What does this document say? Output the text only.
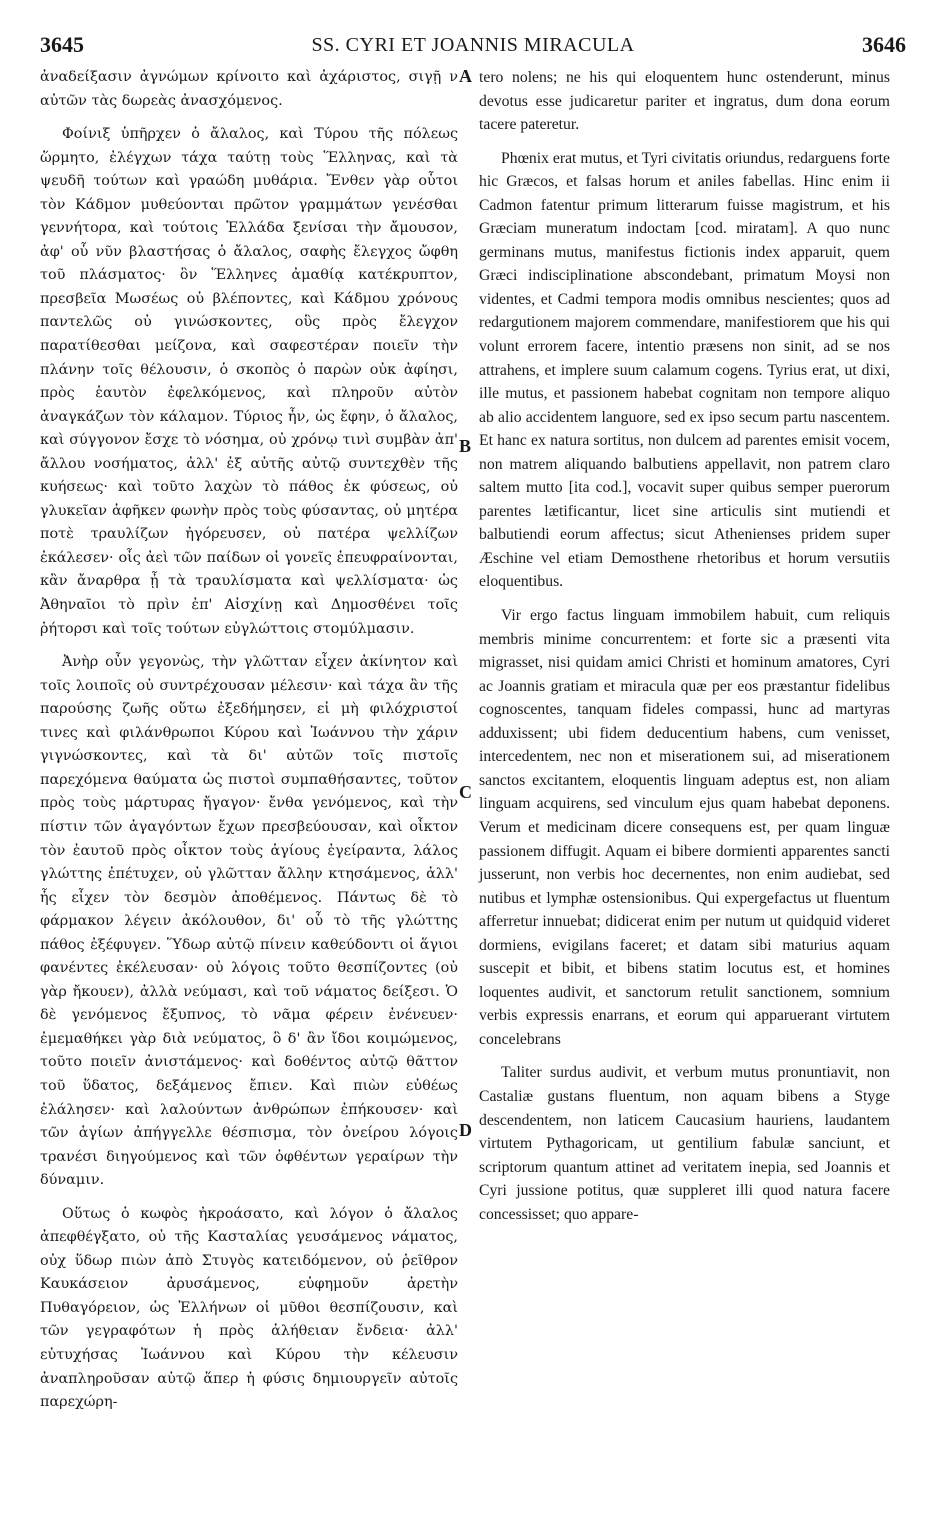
3645	SS. CYRI ET JOANNIS MIRACULA	3646

ἀναδείξασιν ἀγνώμων κρίνοιτο καὶ ἀχάριστος, σιγῇ ν αὐτῶν τὰς δωρεὰς ἀνασχόμενος.

Φοίνιξ ὑπῆρχεν ὁ ἄλαλος, καὶ Τύρου τῆς πόλεως ὥρμητο, ἐλέγχων τάχα ταύτῃ τοὺς Ἕλληνας, καὶ τὰ ψευδῆ τούτων καὶ γραώδη μυθάρια. Ἔνθεν γὰρ οὗτοι τὸν Κάδμον μυθεύονται πρῶτον γραμμάτων γενέσθαι γεννήτορα, καὶ τούτοις Ἑλλάδα ξενίσαι τὴν ἄμουσον, ἀφ' οὗ νῦν βλαστήσας ὁ ἄλαλος, σαφὴς ἔλεγχος ὤφθη τοῦ πλάσματος· ὃν Ἕλληνες ἀμαθίᾳ κατέκρυπτον, πρεσβεῖα Μωσέως οὐ βλέποντες, καὶ Κάδμου χρόνους παντελῶς οὐ γινώσκοντες, οὓς πρὸς ἔλεγχον παρατίθεσθαι μείζονα, καὶ σαφεστέραν ποιεῖν τὴν πλάνην τοῖς θέλουσιν, ὁ σκοπὸς ὁ παρὼν οὐκ ἀφίησι, πρὸς ἑαυτὸν ἐφελκόμενος, καὶ πληροῦν αὐτὸν ἀναγκάζων τὸν κάλαμον. Τύριος ἦν, ὡς ἔφην, ὁ ἄλαλος, καὶ σύγγονον ἔσχε τὸ νόσημα, οὐ χρόνῳ τινὶ συμβὰν ἀπ' ἄλλου νοσήματος, ἀλλ' ἐξ αὐτῆς αὐτῷ συντεχθὲν τῆς κυήσεως· καὶ τοῦτο λαχὼν τὸ πάθος ἐκ φύσεως, οὐ γλυκεῖαν ἀφῆκεν φωνὴν πρὸς τοὺς φύσαντας, οὐ μητέρα ποτὲ τραυλίζων ἠγόρευσεν, οὐ πατέρα ψελλίζων ἐκάλεσεν· οἷς ἀεὶ τῶν παίδων οἱ γονεῖς ἐπευφραίνονται, κἂν ἄναρθρα ᾖ τὰ τραυλίσματα καὶ ψελλίσματα· ὡς Ἀθηναῖοι τὸ πρὶν ἐπ' Αἰσχίνῃ καὶ Δημοσθένει τοῖς ῥήτορσι καὶ τοῖς τούτων εὐγλώττοις στομύλμασιν.

Ἀνὴρ οὖν γεγονὼς, τὴν γλῶτταν εἶχεν ἀκίνητον καὶ τοῖς λοιποῖς οὐ συντρέχουσαν μέλεσιν· καὶ τάχα ἂν τῆς παρούσης ζωῆς οὕτω ἐξεδήμησεν, εἰ μὴ φιλόχριστοί τινες καὶ φιλάνθρωποι Κύρου καὶ Ἰωάννου τὴν χάριν γιγνώσκοντες, καὶ τὰ δι' αὐτῶν τοῖς πιστοῖς παρεχόμενα θαύματα ὡς πιστοὶ συμπαθήσαντες, τοῦτον πρὸς τοὺς μάρτυρας ἤγαγον· ἔνθα γενόμενος, καὶ τὴν πίστιν τῶν ἀγαγόντων ἔχων πρεσβεύουσαν, καὶ οἶκτον τὸν ἑαυτοῦ πρὸς οἶκτον τοὺς ἁγίους ἐγείραντα, λάλος γλώττης ἐπέτυχεν, οὐ γλῶτταν ἄλλην κτησάμενος, ἀλλ' ἧς εἶχεν τὸν δεσμὸν ἀποθέμενος. Πάντως δὲ τὸ φάρμακον λέγειν ἀκόλουθον, δι' οὗ τὸ τῆς γλώττης πάθος ἐξέφυγεν. Ὕδωρ αὐτῷ πίνειν καθεύδοντι οἱ ἅγιοι φανέντες ἐκέλευσαν· οὐ λόγοις τοῦτο θεσπίζοντες (οὐ γὰρ ἤκουεν), ἀλλὰ νεύμασι, καὶ τοῦ νάματος δείξεσι. Ὁ δὲ γενόμενος ἔξυπνος, τὸ νᾶμα φέρειν ἐνένευεν· ἐμεμαθήκει γὰρ διὰ νεύματος, ὃ δ' ἂν ἴδοι κοιμώμενος, τοῦτο ποιεῖν ἀνιστάμενος· καὶ δοθέντος αὐτῷ θᾶττον τοῦ ὕδατος, δεξάμενος ἔπιεν. Καὶ πιὼν εὐθέως ἐλάλησεν· καὶ λαλούντων ἀνθρώπων ἐπήκουσεν· καὶ τῶν ἁγίων ἀπήγγελλε θέσπισμα, τὸν ὀνείρου λόγοις τρανέσι διηγούμενος καὶ τῶν ὀφθέντων γεραίρων τὴν δύναμιν.

Οὕτως ὁ κωφὸς ἠκροάσατο, καὶ λόγον ὁ ἄλαλος ἀπεφθέγξατο, οὐ τῆς Κασταλίας γευσάμενος νάματος, οὐχ ὕδωρ πιὼν ἀπὸ Στυγὸς κατειδόμενον, οὐ ῥεῖθρον Καυκάσειον ἀρυσάμενος, εὐφημοῦν ἀρετὴν Πυθαγόρειον, ὡς Ἑλλήνων οἱ μῦθοι θεσπίζουσιν, καὶ τῶν γεγραφότων ἡ πρὸς ἀλήθειαν ἔνδεια· ἀλλ' εὐτυχήσας Ἰωάννου καὶ Κύρου τὴν κέλευσιν ἀναπληροῦσαν αὐτῷ ἅπερ ἡ φύσις δημιουργεῖν αὐτοῖς παρεχώρη-

A
B
C
D

tero nolens; ne his qui eloquentem hunc ostenderunt, minus devotus esse judicaretur pariter et ingratus, dum dona eorum tacere pateretur.

Phœnix erat mutus, et Tyri civitatis oriundus, redarguens forte hic Græcos, et falsas horum et aniles fabellas. Hinc enim ii Cadmon fatentur primum litterarum fuisse magistrum, et his Græciam muneratum indoctam [cod. miratam]. A quo nunc germinans mutus, manifestus fictionis index apparuit, quem Græci indisciplinatione abscondebant, primatum Moysi non videntes, et Cadmi tempora modis omnibus nescientes; quos ad redargutionem majorem commendare, manifestiorem que his qui volunt errorem facere, intentio præsens non sinit, ad se nos attrahens, et implere suum calamum cogens. Tyrius erat, ut dixi, ille mutus, et passionem habebat cognitam non temporе aliquo ab alio accidentem languore, sed ex ipso secum partu nascentem. Et hanc ex natura sortitus, non dulcem ad parentes emisit vocem, non matrem aliquando balbutiens appellavit, non patrem claro saltem mutto [ita cod.], vocavit super quibus semper puerorum parentes lætificantur, licet sine articulis sint mutiendi et balbutiendi eorum affectus; sicut Athenienses pridem super Æschine vel etiam Demosthene rhetoribus et horum versutiis eloquentibus.

Vir ergo factus linguam immobilem habuit, cum reliquis membris minime concurrentem: et forte sic a præsenti vita migrasset, nisi quidam amici Christi et hominum amatores, Cyri ac Joannis gratiam et miracula quæ per eos præstantur fidelibus cognoscentes, tanquam fideles compassi, hunc ad martyras adduxissent; ubi fidem deducentium habens, cum venisset, intercedentem, nec non et miserationem sui, ad miserationem sanctos excitantem, eloquentis linguam adeptus est, non aliam linguam acquirens, sed vinculum ejus quam habebat deponens. Verum et medicinam dicere consequens est, per quam linguæ passionem diffugit. Aquam ei bibere dormienti apparentes sancti jusserunt, non verbis hoc decernentes, non enim audiebat, sed nutibus et lymphæ ostensionibus. Qui expergefactus ut fluentum afferretur innuebat; didicerat enim per nutum ut quidquid videret dormiens, evigilans faceret; et datam sibi maturius aquam suscepit et bibit, et bibens statim locutus est, et homines loquentes audivit, et sanctorum retulit sanctionem, somnium verbis expressis enarrans, et eorum qui apparuerant virtutem concelebrans

Taliter surdus audivit, et verbum mutus pronuntiavit, non Castaliæ gustans fluentum, non aquam bibens a Styge descendentem, non laticem Caucasium hauriens, laudantem virtutem Pythagoricam, ut gentilium fabulæ sanciunt, et scriptorum quantum attinet ad veritatem inepia, sed Joannis et Cyri jussione potitus, quæ suppleret illi quod natura facere concessisset; quo appare-
